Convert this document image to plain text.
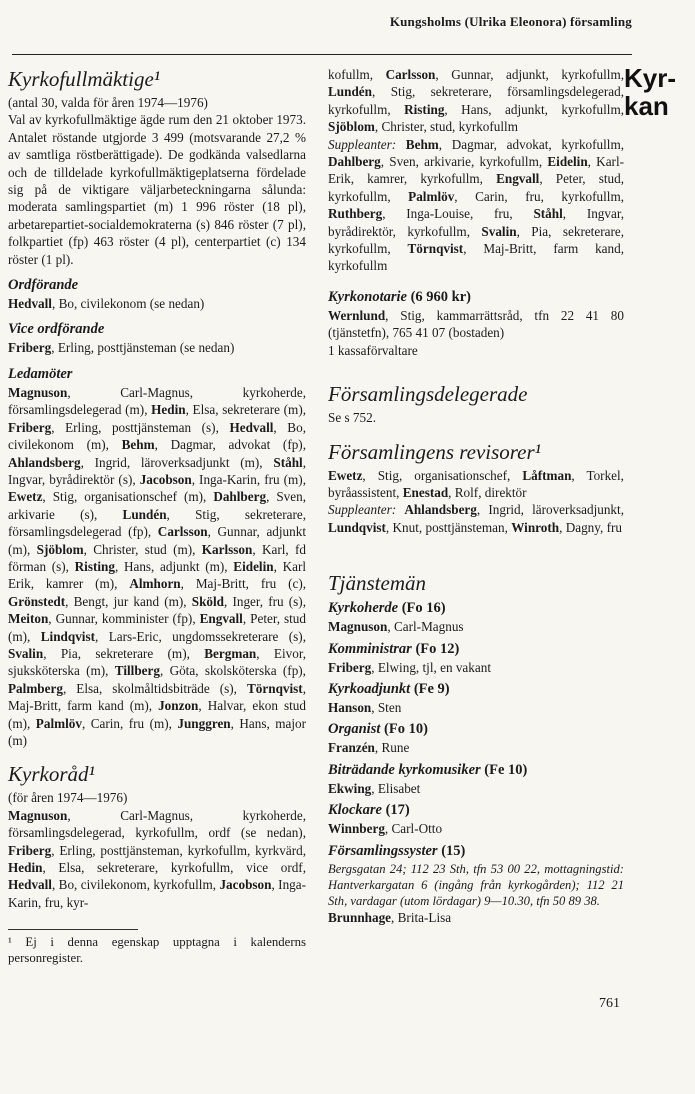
Kungsholms (Ulrika Eleonora) församling
Kyr-
kan
Kyrkofullmäktige¹

(antal 30, valda för åren 1974—1976)

Val av kyrkofullmäktige ägde rum den 21 oktober 1973. Antalet röstande utgjorde 3 499 (motsvarande 27,2 % av samtliga röstberättigade). De godkända valsedlarna och de tilldelade kyrkofullmäktigeplatserna fördelade sig på de viktigare väljarbeteckningarna sålunda: moderata samlingspartiet (m) 1 996 röster (18 pl), arbetarepartiet-socialdemokraterna (s) 846 röster (7 pl), folkpartiet (fp) 463 röster (4 pl), centerpartiet (c) 134 röster (1 pl).

Ordförande

Hedvall, Bo, civilekonom (se nedan)

Vice ordförande

Friberg, Erling, posttjänsteman (se nedan)

Ledamöter

Magnuson, Carl-Magnus, kyrkoherde, församlingsdelegerad (m), Hedin, Elsa, sekreterare (m), Friberg, Erling, posttjänsteman (s), Hedvall, Bo, civilekonom (m), Behm, Dagmar, advokat (fp), Ahlandsberg, Ingrid, läroverksadjunkt (m), Ståhl, Ingvar, byrådirektör (s), Jacobson, Inga-Karin, fru (m), Ewetz, Stig, organisationschef (m), Dahlberg, Sven, arkivarie (s), Lundén, Stig, sekreterare, församlingsdelegerad (fp), Carlsson, Gunnar, adjunkt (m), Sjöblom, Christer, stud (m), Karlsson, Karl, fd förman (s), Risting, Hans, adjunkt (m), Eidelin, Karl Erik, kamrer (m), Almhorn, Maj-Britt, fru (c), Grönstedt, Bengt, jur kand (m), Sköld, Inger, fru (s), Meiton, Gunnar, komminister (fp), Engvall, Peter, stud (m), Lindqvist, Lars-Eric, ungdomssekreterare (s), Svalin, Pia, sekreterare (m), Bergman, Eivor, sjuksköterska (m), Tillberg, Göta, skolsköterska (fp), Palmberg, Elsa, skolmåltidsbiträde (s), Törnqvist, Maj-Britt, farm kand (m), Jonzon, Halvar, ekon stud (m), Palmlöv, Carin, fru (m), Junggren, Hans, major (m)

Kyrkoråd¹

(för åren 1974—1976)

Magnuson, Carl-Magnus, kyrkoherde, församlingsdelegerad, kyrkofullm, ordf (se nedan), Friberg, Erling, posttjänsteman, kyrkofullm, kyrkvärd, Hedin, Elsa, sekreterare, kyrkofullm, vice ordf, Hedvall, Bo, civilekonom, kyrkofullm, Jacobson, Inga-Karin, fru, kyr-

¹ Ej i denna egenskap upptagna i kalenderns personregister.

kofullm, Carlsson, Gunnar, adjunkt, kyrkofullm, Lundén, Stig, sekreterare, församlingsdelegerad, kyrkofullm, Risting, Hans, adjunkt, kyrkofullm, Sjöblom, Christer, stud, kyrkofullm

Suppleanter: Behm, Dagmar, advokat, kyrkofullm, Dahlberg, Sven, arkivarie, kyrkofullm, Eidelin, Karl-Erik, kamrer, kyrkofullm, Engvall, Peter, stud, kyrkofullm, Palmlöv, Carin, fru, kyrkofullm, Ruthberg, Inga-Louise, fru, Ståhl, Ingvar, byrådirektör, kyrkofullm, Svalin, Pia, sekreterare, kyrkofullm, Törnqvist, Maj-Britt, farm kand, kyrkofullm

Kyrkonotarie (6 960 kr)

Wernlund, Stig, kammarrättsråd, tfn 22 41 80 (tjänstetfn), 765 41 07 (bostaden)

1 kassaförvaltare

Församlingsdelegerade

Se s 752.

Församlingens revisorer¹

Ewetz, Stig, organisationschef, Låftman, Torkel, byråassistent, Enestad, Rolf, direktör

Suppleanter: Ahlandsberg, Ingrid, läroverksadjunkt, Lundqvist, Knut, posttjänsteman, Winroth, Dagny, fru

Tjänstemän
Kyrkoherde (Fo 16)

Magnuson, Carl-Magnus

Komministrar (Fo 12)

Friberg, Elwing, tjl, en vakant

Kyrkoadjunkt (Fe 9)

Hanson, Sten

Organist (Fo 10)

Franzén, Rune

Biträdande kyrkomusiker (Fe 10)

Ekwing, Elisabet

Klockare (17)

Winnberg, Carl-Otto

Församlingssyster (15)

Bergsgatan 24; 112 23 Sth, tfn 53 00 22, mottagningstid: Hantverkargatan 6 (ingång från kyrkogården); 112 21 Sth, vardagar (utom lördagar) 9—10.30, tfn 50 89 38.

Brunnhage, Brita-Lisa

761
